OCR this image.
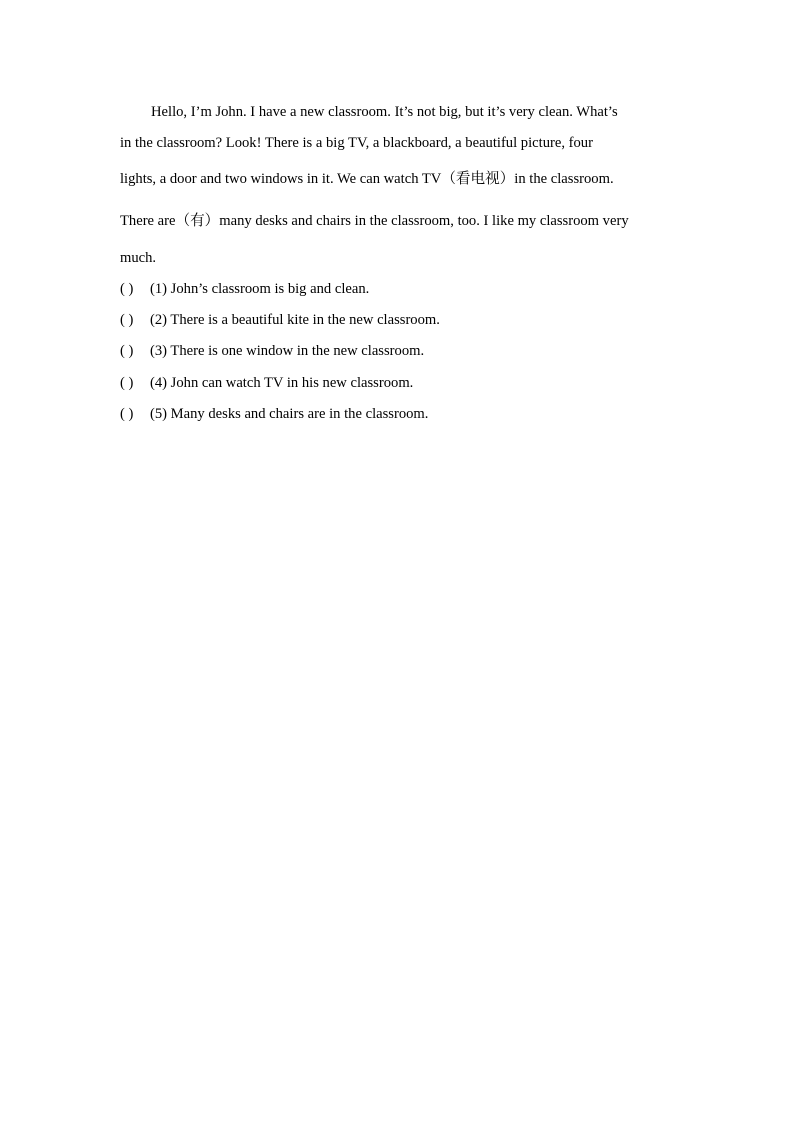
Hello, I’m John. I have a new classroom. It’s not big, but it’s very clean. What’s
in the classroom? Look! There is a big TV, a blackboard, a beautiful picture, four
lights, a door and two windows in it. We can watch TV（看电视）in the classroom.
There are（有）many desks and chairs in the classroom, too. I like my classroom very
much.
( ) (1) John’s classroom is big and clean.
( ) (2) There is a beautiful kite in the new classroom.
( ) (3) There is one window in the new classroom.
( ) (4) John can watch TV in his new classroom.
( ) (5) Many desks and chairs are in the classroom.
